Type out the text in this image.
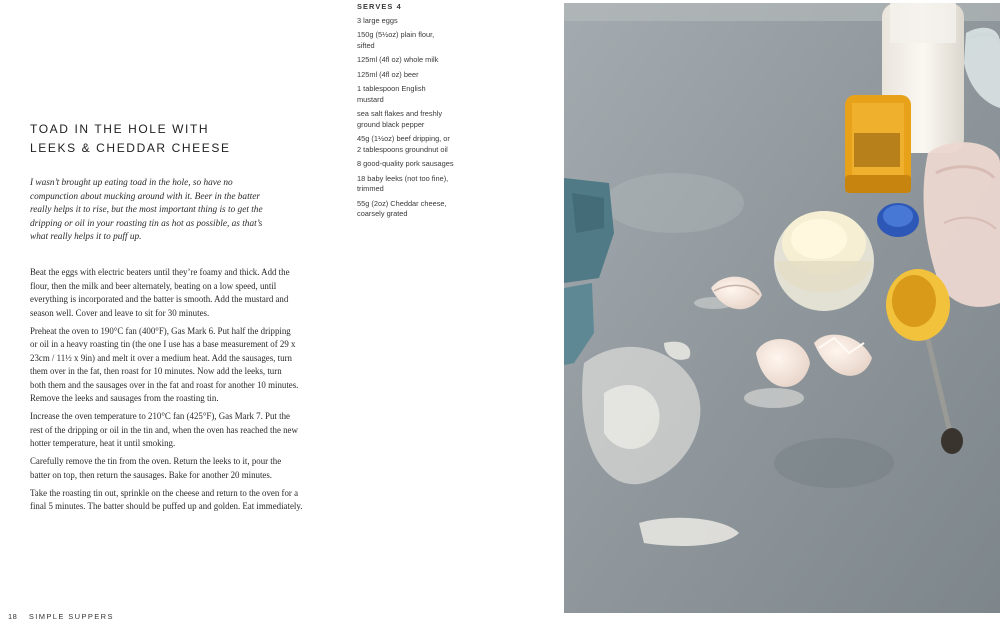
TOAD IN THE HOLE WITH
LEEKS & CHEDDAR CHEESE
I wasn’t brought up eating toad in the hole, so have no
compunction about mucking around with it. Beer in the batter
really helps it to rise, but the most important thing is to get the
dripping or oil in your roasting tin as hot as possible, as that’s
what really helps it to puff up.

Beat the eggs with electric beaters until they’re foamy and thick. Add the
flour, then the milk and beer alternately, beating on a low speed, until
everything is incorporated and the batter is smooth. Add the mustard and
season well. Cover and leave to sit for 30 minutes.

Preheat the oven to 190°C fan (400°F), Gas Mark 6. Put half the dripping
or oil in a heavy roasting tin (the one I use has a base measurement of 29 x
23cm / 11½ x 9in) and melt it over a medium heat. Add the sausages, turn
them over in the fat, then roast for 10 minutes. Now add the leeks, turn
both them and the sausages over in the fat and roast for another 10 minutes.
Remove the leeks and sausages from the roasting tin.

Increase the oven temperature to 210°C fan (425°F), Gas Mark 7. Put the
rest of the dripping or oil in the tin and, when the oven has reached the new
hotter temperature, heat it until smoking.

Carefully remove the tin from the oven. Return the leeks to it, pour the
batter on top, then return the sausages. Bake for another 20 minutes.

Take the roasting tin out, sprinkle on the cheese and return to the oven for a
final 5 minutes. The batter should be puffed up and golden. Eat immediately.

SERVES 4
3 large eggs
150g (5½oz) plain flour,
sifted
125ml (4fl oz) whole milk
125ml (4fl oz) beer
1 tablespoon English
mustard
sea salt flakes and freshly
ground black pepper
45g (1½oz) beef dripping, or
2 tablespoons groundnut oil
8 good-quality pork sausages
18 baby leeks (not too fine),
trimmed
55g (2oz) Cheddar cheese,
coarsely grated
18 SIMPLE SUPPERS
